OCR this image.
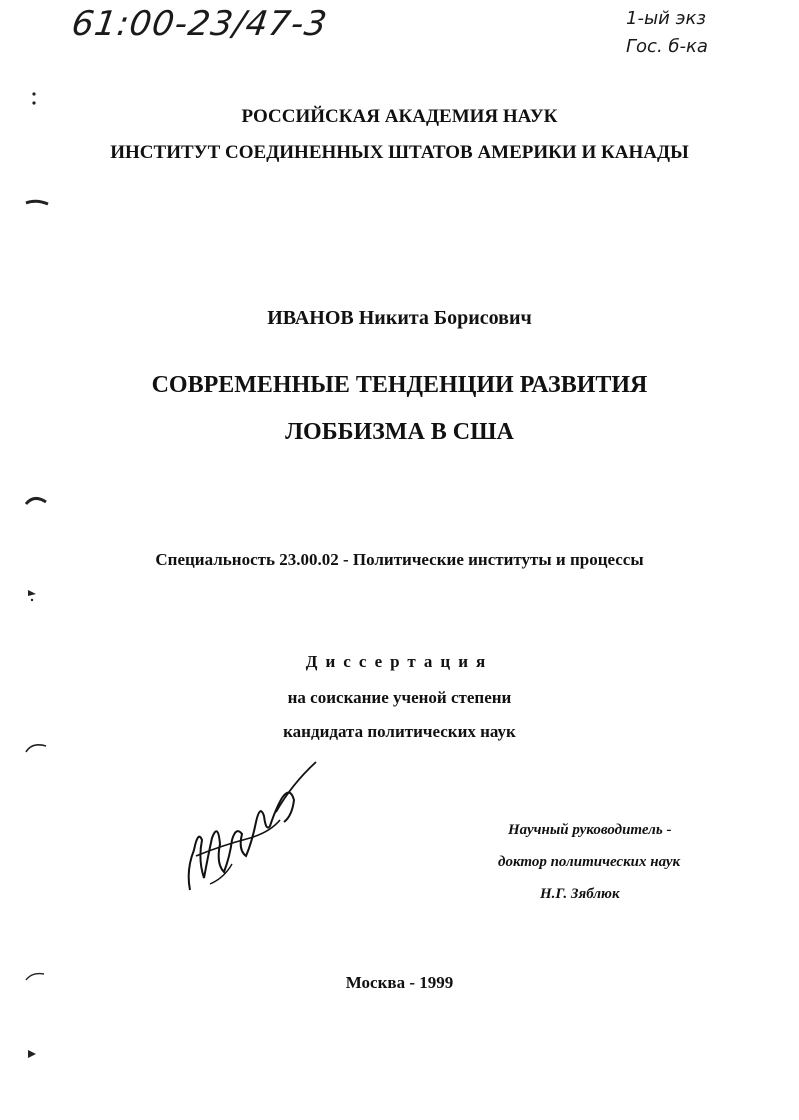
61:00-23/47-3	1-ый экз
Гос. б-ка
РОССИЙСКАЯ АКАДЕМИЯ НАУК
ИНСТИТУТ СОЕДИНЕННЫХ ШТАТОВ АМЕРИКИ И КАНАДЫ
ИВАНОВ Никита Борисович
СОВРЕМЕННЫЕ ТЕНДЕНЦИИ РАЗВИТИЯ
ЛОББИЗМА В США
Специальность 23.00.02 - Политические институты и процессы
Диссертация
на соискание ученой степени
кандидата политических наук
Научный руководитель -
доктор политических наук
Н.Г. Зяблюк
Москва - 1999
